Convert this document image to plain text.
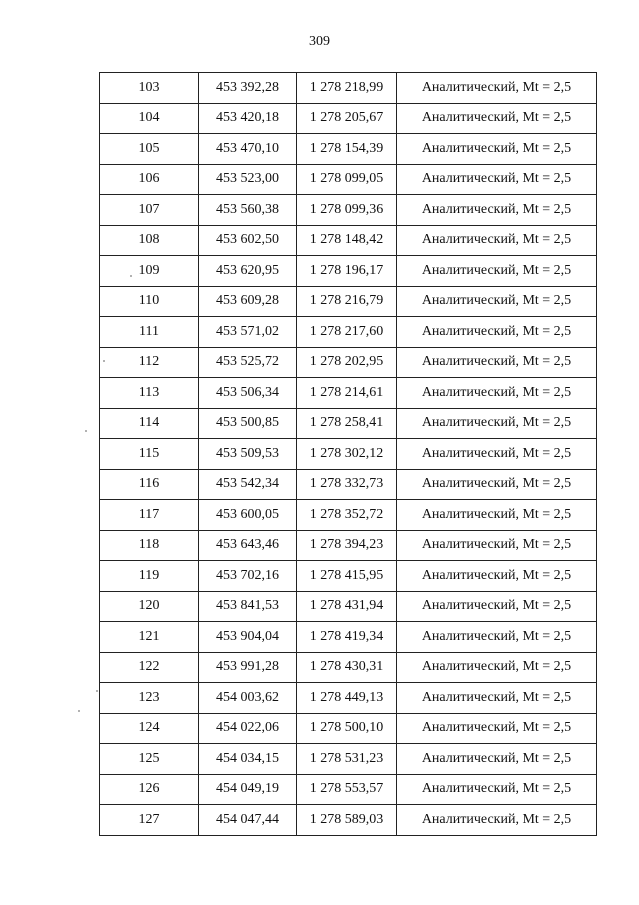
309
103	453 392,28	1 278 218,99	Аналитический, Mt = 2,5
104	453 420,18	1 278 205,67	Аналитический, Mt = 2,5
105	453 470,10	1 278 154,39	Аналитический, Mt = 2,5
106	453 523,00	1 278 099,05	Аналитический, Mt = 2,5
107	453 560,38	1 278 099,36	Аналитический, Mt = 2,5
108	453 602,50	1 278 148,42	Аналитический, Mt = 2,5
109	453 620,95	1 278 196,17	Аналитический, Mt = 2,5
110	453 609,28	1 278 216,79	Аналитический, Mt = 2,5
111	453 571,02	1 278 217,60	Аналитический, Mt = 2,5
112	453 525,72	1 278 202,95	Аналитический, Mt = 2,5
113	453 506,34	1 278 214,61	Аналитический, Mt = 2,5
114	453 500,85	1 278 258,41	Аналитический, Mt = 2,5
115	453 509,53	1 278 302,12	Аналитический, Mt = 2,5
116	453 542,34	1 278 332,73	Аналитический, Mt = 2,5
117	453 600,05	1 278 352,72	Аналитический, Mt = 2,5
118	453 643,46	1 278 394,23	Аналитический, Mt = 2,5
119	453 702,16	1 278 415,95	Аналитический, Mt = 2,5
120	453 841,53	1 278 431,94	Аналитический, Mt = 2,5
121	453 904,04	1 278 419,34	Аналитический, Mt = 2,5
122	453 991,28	1 278 430,31	Аналитический, Mt = 2,5
123	454 003,62	1 278 449,13	Аналитический, Mt = 2,5
124	454 022,06	1 278 500,10	Аналитический, Mt = 2,5
125	454 034,15	1 278 531,23	Аналитический, Mt = 2,5
126	454 049,19	1 278 553,57	Аналитический, Mt = 2,5
127	454 047,44	1 278 589,03	Аналитический, Mt = 2,5
